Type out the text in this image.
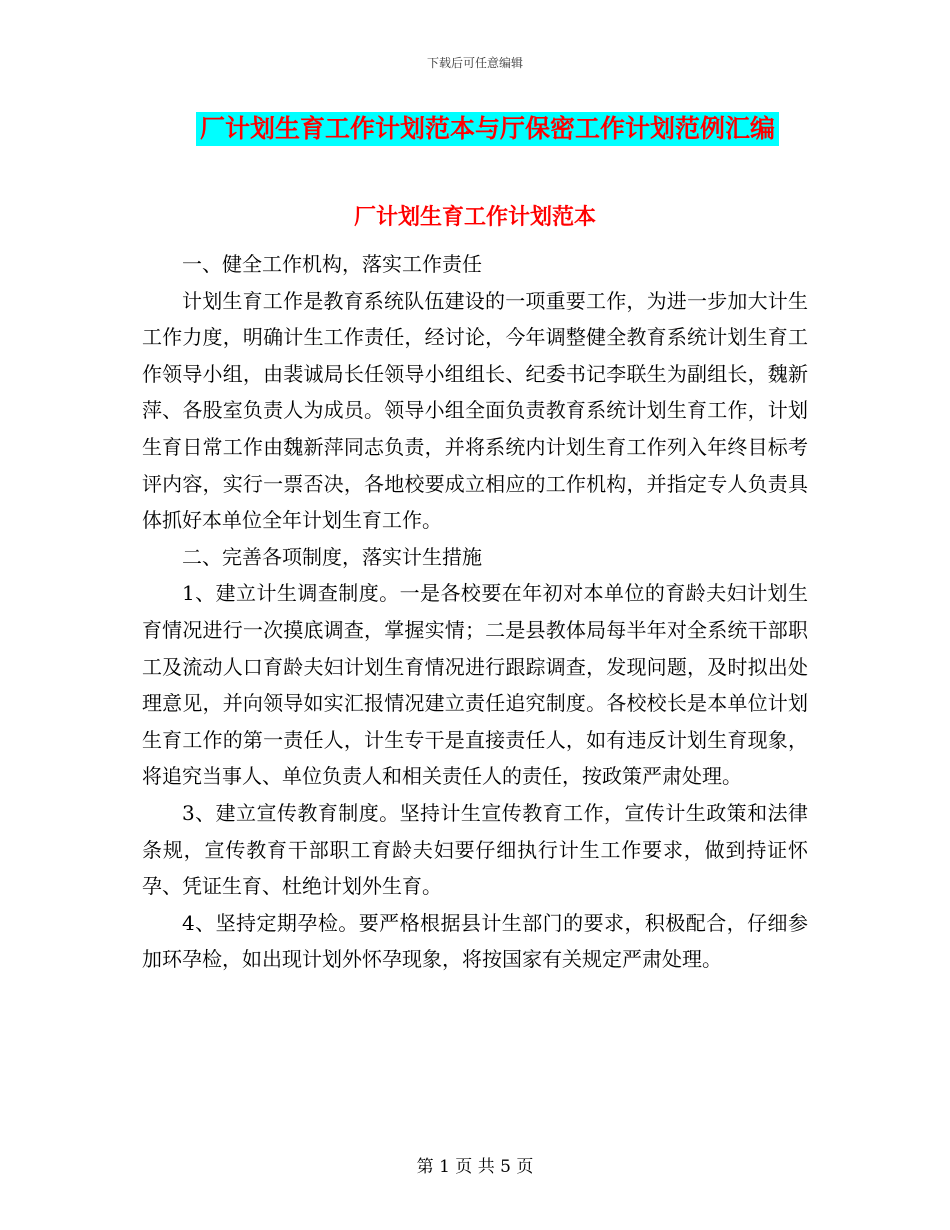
下载后可任意编辑
厂计划生育工作计划范本与厅保密工作计划范例汇编
厂计划生育工作计划范本

一、健全工作机构，落实工作责任

计划生育工作是教育系统队伍建设的一项重要工作，为进一步加大计生工作力度，明确计生工作责任，经讨论，今年调整健全教育系统计划生育工作领导小组，由裴诚局长任领导小组组长、纪委书记李联生为副组长，魏新萍、各股室负责人为成员。领导小组全面负责教育系统计划生育工作，计划生育日常工作由魏新萍同志负责，并将系统内计划生育工作列入年终目标考评内容，实行一票否决，各地校要成立相应的工作机构，并指定专人负责具体抓好本单位全年计划生育工作。

二、完善各项制度，落实计生措施

1、建立计生调查制度。一是各校要在年初对本单位的育龄夫妇计划生育情况进行一次摸底调查，掌握实情；二是县教体局每半年对全系统干部职工及流动人口育龄夫妇计划生育情况进行跟踪调查，发现问题，及时拟出处理意见，并向领导如实汇报情况建立责任追究制度。各校校长是本单位计划生育工作的第一责任人，计生专干是直接责任人，如有违反计划生育现象，将追究当事人、单位负责人和相关责任人的责任，按政策严肃处理。

3、建立宣传教育制度。坚持计生宣传教育工作，宣传计生政策和法律条规，宣传教育干部职工育龄夫妇要仔细执行计生工作要求，做到持证怀孕、凭证生育、杜绝计划外生育。

4、坚持定期孕检。要严格根据县计生部门的要求，积极配合，仔细参加环孕检，如出现计划外怀孕现象，将按国家有关规定严肃处理。

第 1 页 共 5 页
